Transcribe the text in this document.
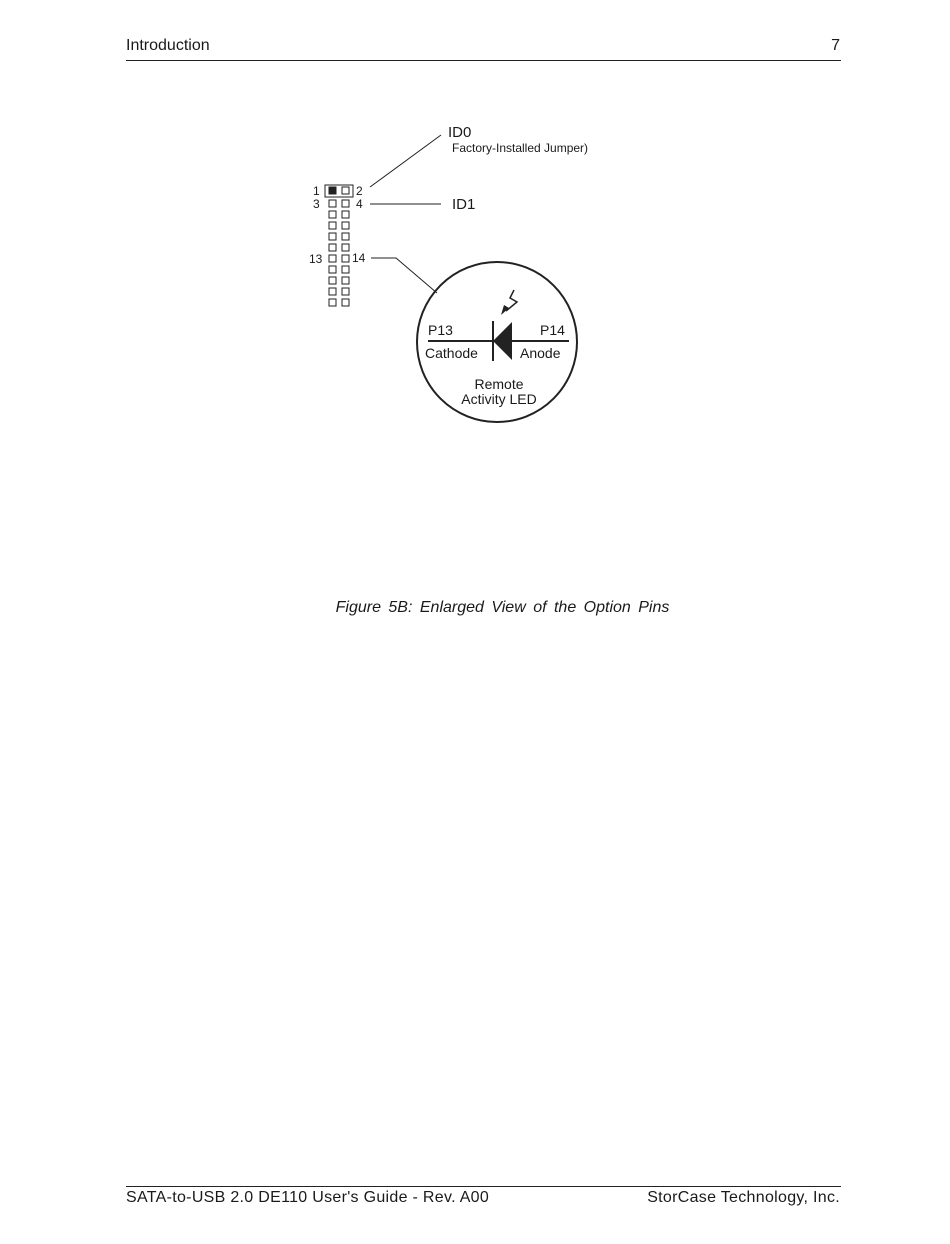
Introduction	7
1	2
3	4
13 14
ID0
Factory-Installed Jumper)
ID1
P13	P14
Cathode	Anode
Remote
Activity LED
Figure 5B: Enlarged View of the Option Pins
SATA-to-USB 2.0 DE110 User's Guide - Rev. A00	StorCase Technology, Inc.
